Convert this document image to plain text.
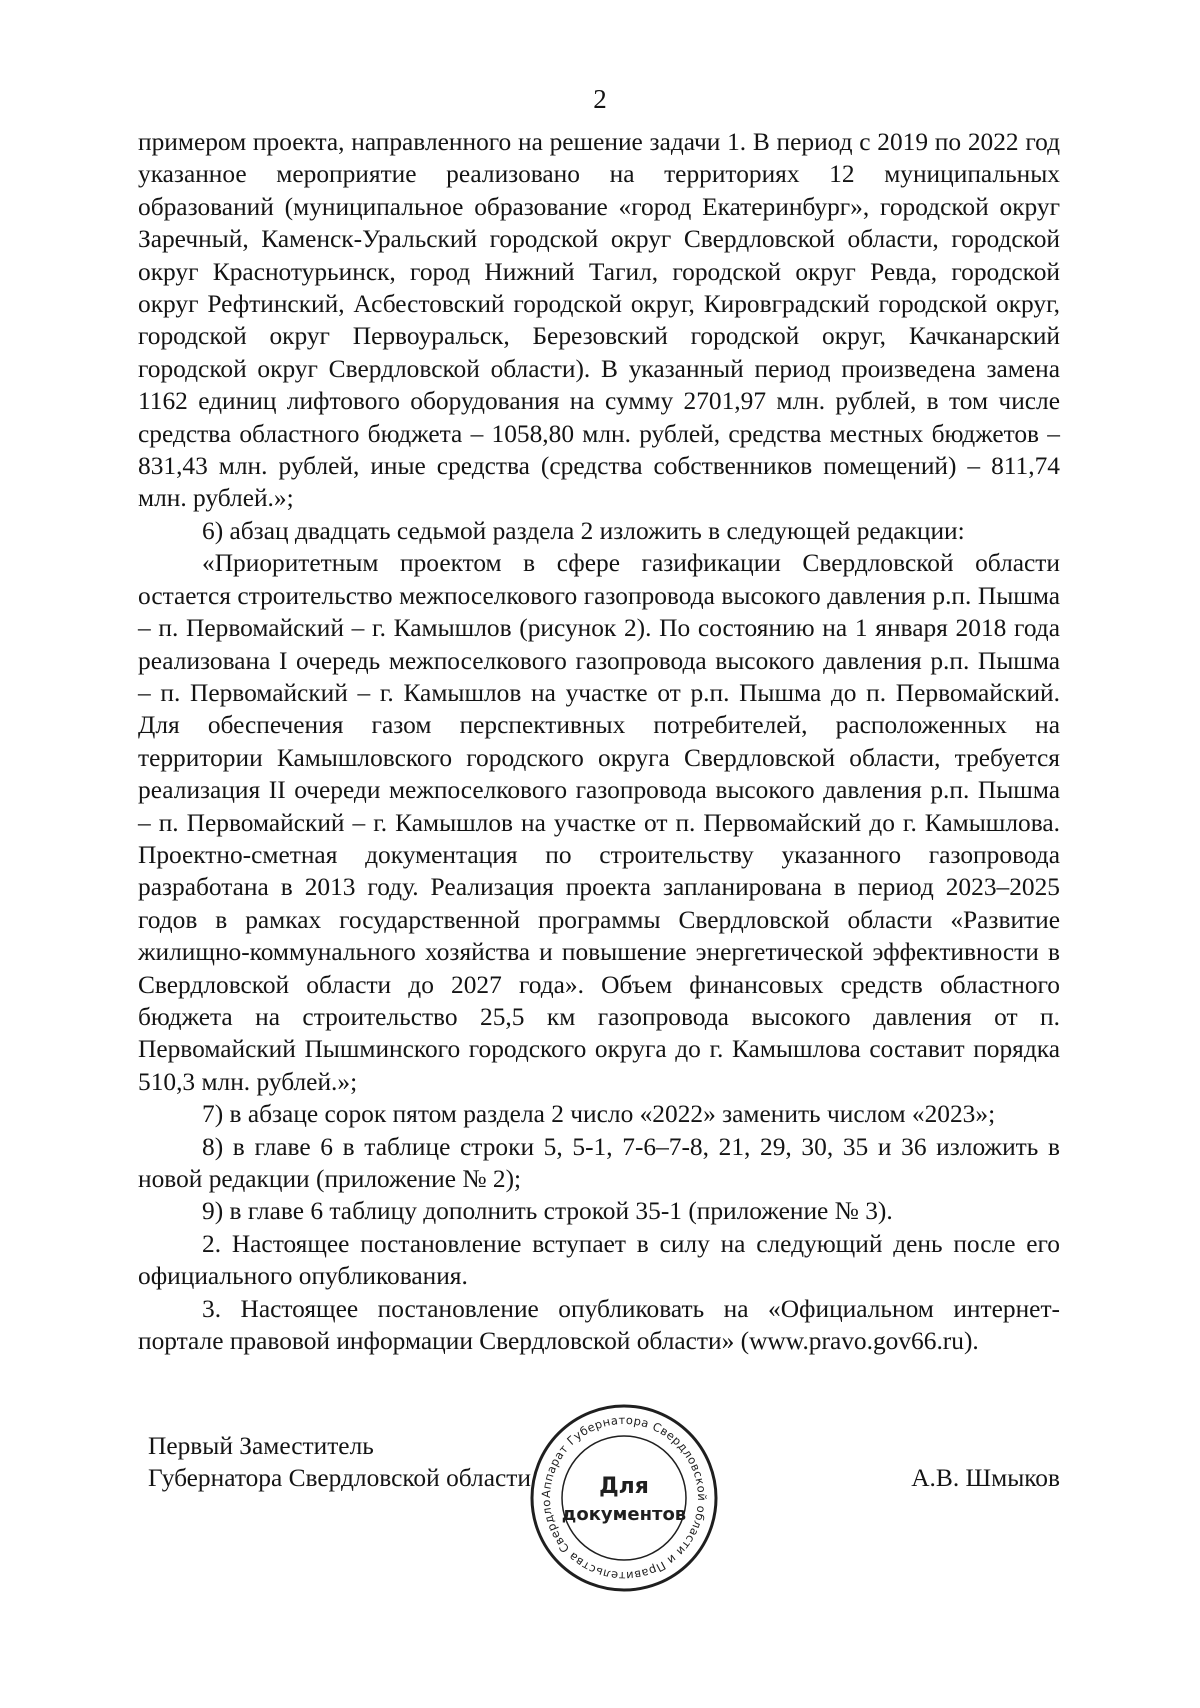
2

примером проекта, направленного на решение задачи 1. В период с 2019 по 2022 год указанное мероприятие реализовано на территориях 12 муниципальных образований (муниципальное образование «город Екатеринбург», городской округ Заречный, Каменск-Уральский городской округ Свердловской области, городской округ Краснотурьинск, город Нижний Тагил, городской округ Ревда, городской округ Рефтинский, Асбестовский городской округ, Кировградский городской округ, городской округ Первоуральск, Березовский городской округ, Качканарский городской округ Свердловской области). В указанный период произведена замена 1162 единиц лифтового оборудования на сумму 2701,97 млн. рублей, в том числе средства областного бюджета – 1058,80 млн. рублей, средства местных бюджетов – 831,43 млн. рублей, иные средства (средства собственников помещений) – 811,74 млн. рублей.»;

6) абзац двадцать седьмой раздела 2 изложить в следующей редакции:

«Приоритетным проектом в сфере газификации Свердловской области остается строительство межпоселкового газопровода высокого давления р.п. Пышма – п. Первомайский – г. Камышлов (рисунок 2). По состоянию на 1 января 2018 года реализована I очередь межпоселкового газопровода высокого давления р.п. Пышма – п. Первомайский – г. Камышлов на участке от р.п. Пышма до п. Первомайский. Для обеспечения газом перспективных потребителей, расположенных на территории Камышловского городского округа Свердловской области, требуется реализация II очереди межпоселкового газопровода высокого давления р.п. Пышма – п. Первомайский – г. Камышлов на участке от п. Первомайский до г. Камышлова. Проектно-сметная документация по строительству указанного газопровода разработана в 2013 году. Реализация проекта запланирована в период 2023–2025 годов в рамках государственной программы Свердловской области «Развитие жилищно-коммунального хозяйства и повышение энергетической эффективности в Свердловской области до 2027 года». Объем финансовых средств областного бюджета на строительство 25,5 км газопровода высокого давления от п. Первомайский Пышминского городского округа до г. Камышлова составит порядка 510,3 млн. рублей.»;

7) в абзаце сорок пятом раздела 2 число «2022» заменить числом «2023»;

8) в главе 6 в таблице строки 5, 5-1, 7-6–7-8, 21, 29, 30, 35 и 36 изложить в новой редакции (приложение № 2);

9) в главе 6 таблицу дополнить строкой 35-1 (приложение № 3).

2. Настоящее постановление вступает в силу на следующий день после его официального опубликования.

3. Настоящее постановление опубликовать на «Официальном интернет-портале правовой информации Свердловской области» (www.pravo.gov66.ru).

Первый Заместитель
Губернатора Свердловской области	А.В. Шмыков
Аппарат Губернатора Свердловской области и Правительства Свердло
Для
документов
